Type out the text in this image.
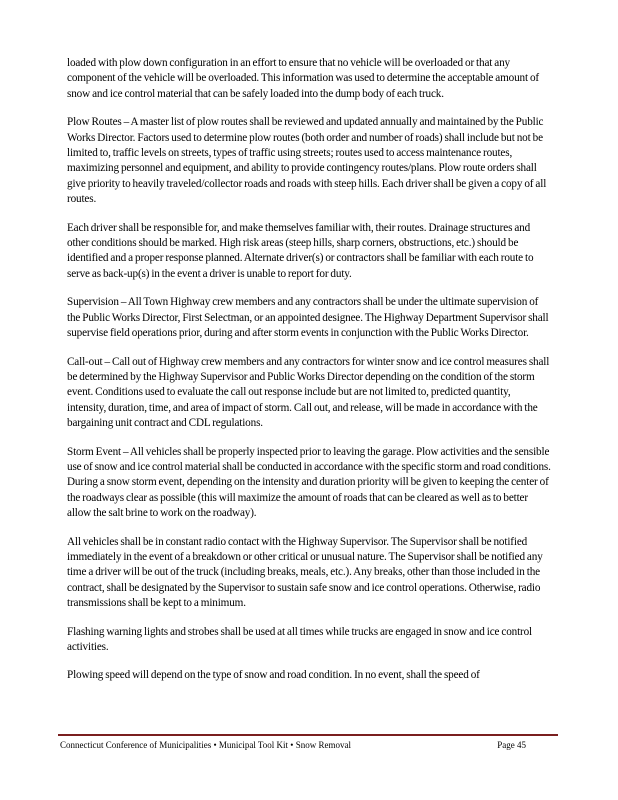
loaded with plow down configuration in an effort to ensure that no vehicle will be overloaded or that any component of the vehicle will be overloaded. This information was used to determine the acceptable amount of snow and ice control material that can be safely loaded into the dump body of each truck.

Plow Routes – A master list of plow routes shall be reviewed and updated annually and maintained by the Public Works Director. Factors used to determine plow routes (both order and number of roads) shall include but not be limited to, traffic levels on streets, types of traffic using streets; routes used to access maintenance routes, maximizing personnel and equipment, and ability to provide contingency routes/plans. Plow route orders shall give priority to heavily traveled/collector roads and roads with steep hills. Each driver shall be given a copy of all routes.

Each driver shall be responsible for, and make themselves familiar with, their routes. Drainage structures and other conditions should be marked. High risk areas (steep hills, sharp corners, obstructions, etc.) should be identified and a proper response planned. Alternate driver(s) or contractors shall be familiar with each route to serve as back-up(s) in the event a driver is unable to report for duty.

Supervision – All Town Highway crew members and any contractors shall be under the ultimate supervision of the Public Works Director, First Selectman, or an appointed designee. The Highway Department Supervisor shall supervise field operations prior, during and after storm events in conjunction with the Public Works Director.

Call-out – Call out of Highway crew members and any contractors for winter snow and ice control measures shall be determined by the Highway Supervisor and Public Works Director depending on the condition of the storm event. Conditions used to evaluate the call out response include but are not limited to, predicted quantity, intensity, duration, time, and area of impact of storm. Call out, and release, will be made in accordance with the bargaining unit contract and CDL regulations.

Storm Event – All vehicles shall be properly inspected prior to leaving the garage. Plow activities and the sensible use of snow and ice control material shall be conducted in accordance with the specific storm and road conditions. During a snow storm event, depending on the intensity and duration priority will be given to keeping the center of the roadways clear as possible (this will maximize the amount of roads that can be cleared as well as to better allow the salt brine to work on the roadway).

All vehicles shall be in constant radio contact with the Highway Supervisor. The Supervisor shall be notified immediately in the event of a breakdown or other critical or unusual nature. The Supervisor shall be notified any time a driver will be out of the truck (including breaks, meals, etc.). Any breaks, other than those included in the contract, shall be designated by the Supervisor to sustain safe snow and ice control operations. Otherwise, radio transmissions shall be kept to a minimum.

Flashing warning lights and strobes shall be used at all times while trucks are engaged in snow and ice control activities.

Plowing speed will depend on the type of snow and road condition. In no event, shall the speed of

Connecticut Conference of Municipalities • Municipal Tool Kit • Snow Removal	Page 45
